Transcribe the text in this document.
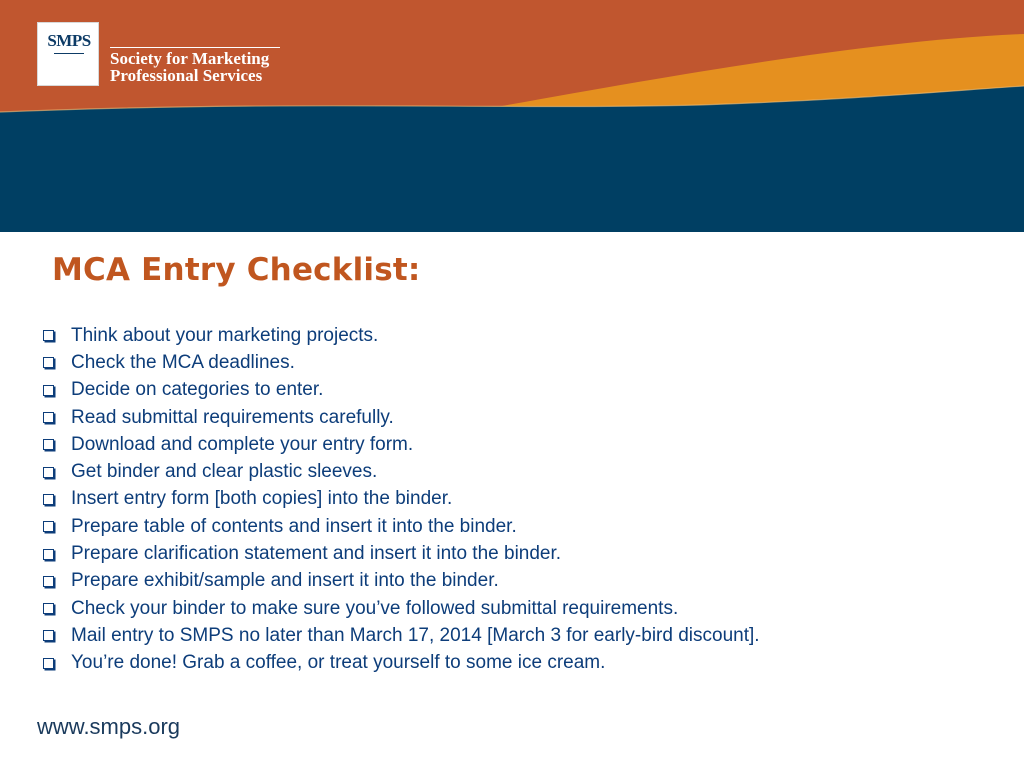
SMPS

Society for Marketing
Professional Services

MCA Entry Checklist:
Think about your marketing projects.
Check the MCA deadlines.
Decide on categories to enter.
Read submittal requirements carefully.
Download and complete your entry form.
Get binder and clear plastic sleeves.
Insert entry form [both copies] into the binder.
Prepare table of contents and insert it into the binder.
Prepare clarification statement and insert it into the binder.
Prepare exhibit/sample and insert it into the binder.
Check your binder to make sure you’ve followed submittal requirements.
Mail entry to SMPS no later than March 17, 2014 [March 3 for early-bird discount].
You’re done! Grab a coffee, or treat yourself to some ice cream.
www.smps.org
